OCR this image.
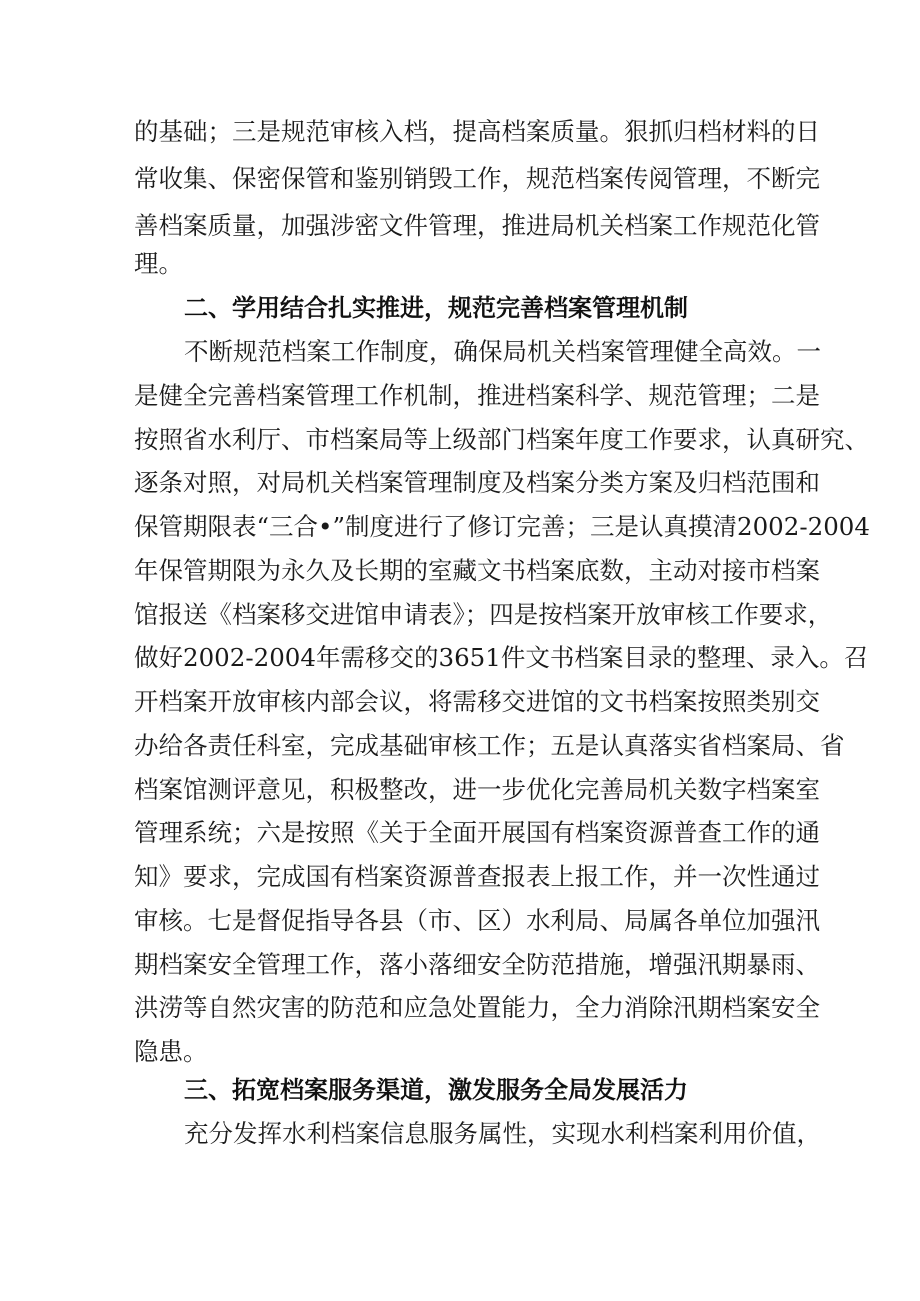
的基础；三是规范审核入档，提高档案质量。狠抓归档材料的日
常收集、保密保管和鉴别销毁工作，规范档案传阅管理，不断完
善档案质量，加强涉密文件管理，推进局机关档案工作规范化管
理。
二、学用结合扎实推进，规范完善档案管理机制
不断规范档案工作制度，确保局机关档案管理健全高效。一
是健全完善档案管理工作机制，推进档案科学、规范管理；二是
按照省水利厅、市档案局等上级部门档案年度工作要求，认真研究、
逐条对照，对局机关档案管理制度及档案分类方案及归档范围和
保管期限表“三合•”制度进行了修订完善；三是认真摸清2002-2004
年保管期限为永久及长期的室藏文书档案底数，主动对接市档案
馆报送《档案移交进馆申请表》；四是按档案开放审核工作要求，
做好2002-2004年需移交的3651件文书档案目录的整理、录入。召
开档案开放审核内部会议，将需移交进馆的文书档案按照类别交
办给各责任科室，完成基础审核工作；五是认真落实省档案局、省
档案馆测评意见，积极整改，进一步优化完善局机关数字档案室
管理系统；六是按照《关于全面开展国有档案资源普查工作的通
知》要求，完成国有档案资源普查报表上报工作，并一次性通过
审核。七是督促指导各县（市、区）水利局、局属各单位加强汛
期档案安全管理工作，落小落细安全防范措施，增强汛期暴雨、
洪涝等自然灾害的防范和应急处置能力，全力消除汛期档案安全
隐患。
三、拓宽档案服务渠道，激发服务全局发展活力
充分发挥水利档案信息服务属性，实现水利档案利用价值，
